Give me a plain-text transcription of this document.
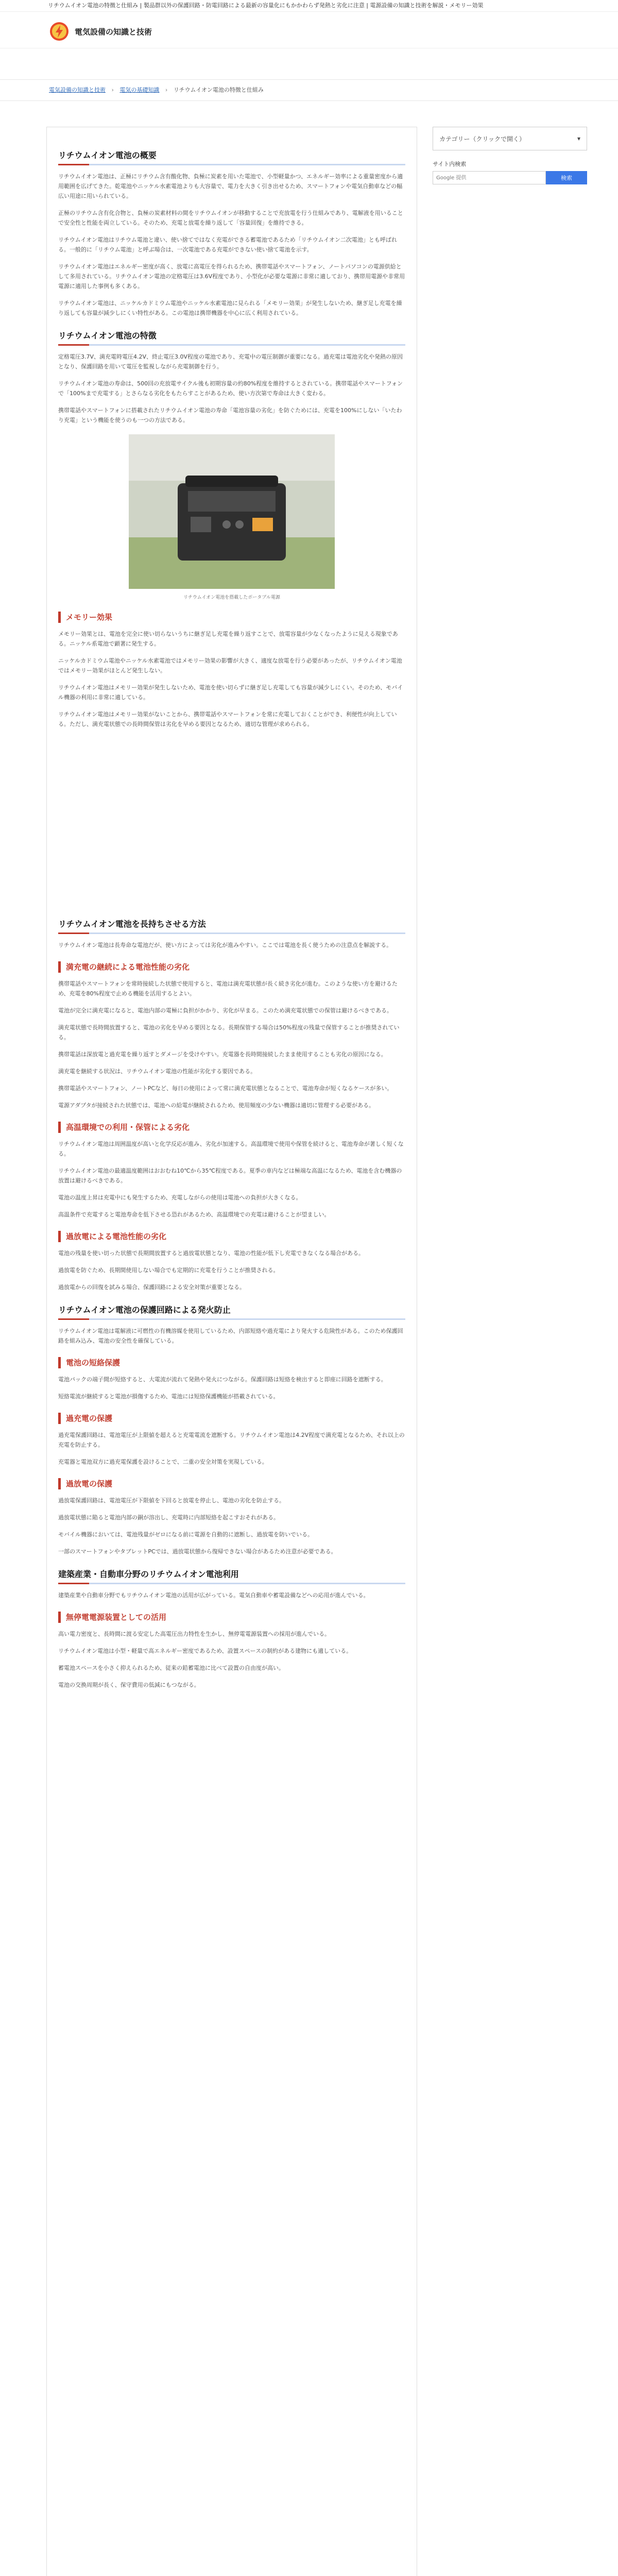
リチウムイオン電池の特徴と仕組み | 製品群以外の保護回路・防電回路による最新の容量化にもかかわらず発熱と劣化に注意 | 電源設備の知識と技術を解説・メモリー効果
電気設備の知識と技術
電気設備の知識と技術 › 電気の基礎知識 › リチウムイオン電池の特徴と仕組み
リチウムイオン電池の概要

リチウムイオン電池は、正極にリチウム含有酸化物、負極に炭素を用いた電池で、小型軽量かつ、エネルギー効率による重量密度から適用範囲を広げてきた。乾電池やニッケル水素電池よりも大容量で、電力を大きく引き出せるため、スマートフォンや電気自動車などの幅広い用途に用いられている。

正極のリチウム含有化合物と、負極の炭素材料の間をリチウムイオンが移動することで充放電を行う仕組みであり、電解液を用いることで安全性と性能を両立している。そのため、充電と放電を繰り返して「容量回復」を維持できる。

リチウムイオン電池はリチウム電池と違い、使い捨てではなく充電ができる蓄電池であるため「リチウムイオン二次電池」とも呼ばれる。一般的に「リチウム電池」と呼ぶ場合は、一次電池である充電ができない使い捨て電池を示す。

リチウムイオン電池はエネルギー密度が高く、放電に高電圧を得られるため、携帯電話やスマートフォン、ノートパソコンの電源供給として多用されている。リチウムイオン電池の定格電圧は3.6V程度であり、小型化が必要な電源に非常に適しており、携帯用電源や非常用電源に適用した事例も多くある。

リチウムイオン電池は、ニッケルカドミウム電池やニッケル水素電池に見られる「メモリー効果」が発生しないため、継ぎ足し充電を繰り返しても容量が減少しにくい特性がある。この電池は携帯機器を中心に広く利用されている。

リチウムイオン電池の特徴

定格電圧3.7V、満充電時電圧4.2V、終止電圧3.0V程度の電池であり、充電中の電圧制御が重要になる。過充電は電池劣化や発熱の原因となり、保護回路を用いて電圧を監視しながら充電制御を行う。

リチウムイオン電池の寿命は、500回の充放電サイクル後も初期容量の約80%程度を維持するとされている。携帯電話やスマートフォンで「100%まで充電する」とさらなる劣化をもたらすことがあるため、使い方次第で寿命は大きく変わる。

携帯電話やスマートフォンに搭載されたリチウムイオン電池の寿命「電池容量の劣化」を防ぐためには、充電を100%にしない「いたわり充電」という機能を使うのも一つの方法である。

リチウムイオン電池を搭載したポータブル電源
メモリー効果

メモリー効果とは、電池を完全に使い切らないうちに継ぎ足し充電を繰り返すことで、放電容量が少なくなったように見える現象である。ニッケル系電池で顕著に発生する。

ニッケルカドミウム電池やニッケル水素電池ではメモリー効果の影響が大きく、適度な放電を行う必要があったが、リチウムイオン電池ではメモリー効果がほとんど発生しない。

リチウムイオン電池はメモリー効果が発生しないため、電池を使い切らずに継ぎ足し充電しても容量が減少しにくい。そのため、モバイル機器の利用に非常に適している。

リチウムイオン電池はメモリー効果がないことから、携帯電話やスマートフォンを常に充電しておくことができ、利便性が向上している。ただし、満充電状態での長時間保管は劣化を早める要因となるため、適切な管理が求められる。

リチウムイオン電池を長持ちさせる方法

リチウムイオン電池は長寿命な電池だが、使い方によっては劣化が進みやすい。ここでは電池を長く使うための注意点を解説する。

満充電の継続による電池性能の劣化

携帯電話やスマートフォンを常時接続した状態で使用すると、電池は満充電状態が長く続き劣化が進む。このような使い方を避けるため、充電を80%程度で止める機能を活用するとよい。

電池が完全に満充電になると、電池内部の電極に負担がかかり、劣化が早まる。このため満充電状態での保管は避けるべきである。

満充電状態で長時間放置すると、電池の劣化を早める要因となる。長期保管する場合は50%程度の残量で保管することが推奨されている。

携帯電話は深放電と過充電を繰り返すとダメージを受けやすい。充電器を長時間接続したまま使用することも劣化の原因になる。

満充電を継続する状況は、リチウムイオン電池の性能が劣化する要因である。

携帯電話やスマートフォン、ノートPCなど、毎日の使用によって常に満充電状態となることで、電池寿命が短くなるケースが多い。

電源アダプタが接続された状態では、電池への給電が継続されるため、使用頻度の少ない機器は適切に管理する必要がある。

高温環境での利用・保管による劣化

リチウムイオン電池は周囲温度が高いと化学反応が進み、劣化が加速する。高温環境で使用や保管を続けると、電池寿命が著しく短くなる。

リチウムイオン電池の最適温度範囲はおおむね10℃から35℃程度である。夏季の車内などは極端な高温になるため、電池を含む機器の放置は避けるべきである。

電池の温度上昇は充電中にも発生するため、充電しながらの使用は電池への負担が大きくなる。

高温条件で充電すると電池寿命を低下させる恐れがあるため、高温環境での充電は避けることが望ましい。

過放電による電池性能の劣化

電池の残量を使い切った状態で長期間放置すると過放電状態となり、電池の性能が低下し充電できなくなる場合がある。

過放電を防ぐため、長期間使用しない場合でも定期的に充電を行うことが推奨される。

過放電からの回復を試みる場合、保護回路による安全対策が重要となる。

リチウムイオン電池の保護回路による発火防止

リチウムイオン電池は電解液に可燃性の有機溶媒を使用しているため、内部短絡や過充電により発火する危険性がある。このため保護回路を組み込み、電池の安全性を確保している。

電池の短絡保護

電池パックの端子間が短絡すると、大電流が流れて発熱や発火につながる。保護回路は短絡を検出すると即座に回路を遮断する。

短絡電流が継続すると電池が損傷するため、電池には短絡保護機能が搭載されている。

過充電の保護

過充電保護回路は、電池電圧が上限値を超えると充電電流を遮断する。リチウムイオン電池は4.2V程度で満充電となるため、それ以上の充電を防止する。

充電器と電池双方に過充電保護を設けることで、二重の安全対策を実現している。

過放電の保護

過放電保護回路は、電池電圧が下限値を下回ると放電を停止し、電池の劣化を防止する。

過放電状態に陥ると電池内部の銅が溶出し、充電時に内部短絡を起こすおそれがある。

モバイル機器においては、電池残量がゼロになる前に電源を自動的に遮断し、過放電を防いでいる。

一部のスマートフォンやタブレットPCでは、過放電状態から復帰できない場合があるため注意が必要である。

建築産業・自動車分野のリチウムイオン電池利用

建築産業や自動車分野でもリチウムイオン電池の活用が広がっている。電気自動車や蓄電設備などへの応用が進んでいる。

無停電電源装置としての活用

高い電力密度と、長時間に渡る安定した高電圧出力特性を生かし、無停電電源装置への採用が進んでいる。

リチウムイオン電池は小型・軽量で高エネルギー密度であるため、設置スペースの制約がある建物にも適している。

蓄電池スペースを小さく抑えられるため、従来の鉛蓄電池に比べて設置の自由度が高い。

電池の交換周期が長く、保守費用の低減にもつながる。

カテゴリー（クリックで開く）	▾
サイト内検索
Google 提供
検索
